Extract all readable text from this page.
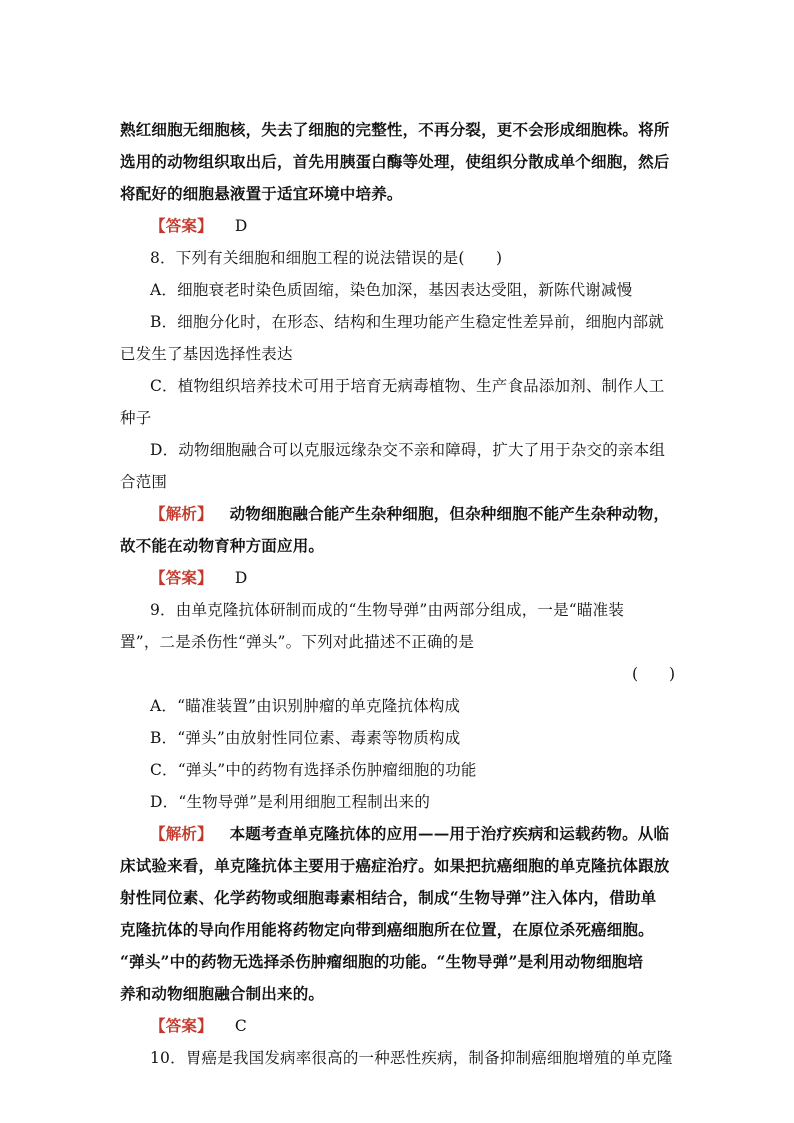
熟红细胞无细胞核，失去了细胞的完整性，不再分裂，更不会形成细胞株。将所
选用的动物组织取出后，首先用胰蛋白酶等处理，使组织分散成单个细胞，然后
将配好的细胞悬液置于适宜环境中培养。
【答案】 D
8．下列有关细胞和细胞工程的说法错误的是(　　)
A．细胞衰老时染色质固缩，染色加深，基因表达受阻，新陈代谢减慢
B．细胞分化时，在形态、结构和生理功能产生稳定性差异前，细胞内部就
已发生了基因选择性表达
C．植物组织培养技术可用于培育无病毒植物、生产食品添加剂、制作人工
种子
D．动物细胞融合可以克服远缘杂交不亲和障碍，扩大了用于杂交的亲本组
合范围
【解析】 动物细胞融合能产生杂种细胞，但杂种细胞不能产生杂种动物，
故不能在动物育种方面应用。
【答案】 D
9．由单克隆抗体研制而成的“生物导弹”由两部分组成，一是“瞄准装
置”，二是杀伤性“弹头”。下列对此描述不正确的是
(　　)
A．“瞄准装置”由识别肿瘤的单克隆抗体构成
B．“弹头”由放射性同位素、毒素等物质构成
C．“弹头”中的药物有选择杀伤肿瘤细胞的功能
D．“生物导弹”是利用细胞工程制出来的
【解析】 本题考查单克隆抗体的应用——用于治疗疾病和运载药物。从临
床试验来看，单克隆抗体主要用于癌症治疗。如果把抗癌细胞的单克隆抗体跟放
射性同位素、化学药物或细胞毒素相结合，制成“生物导弹”注入体内，借助单
克隆抗体的导向作用能将药物定向带到癌细胞所在位置，在原位杀死癌细胞。
“弹头”中的药物无选择杀伤肿瘤细胞的功能。“生物导弹”是利用动物细胞培
养和动物细胞融合制出来的。
【答案】 C
10．胃癌是我国发病率很高的一种恶性疾病，制备抑制癌细胞增殖的单克隆
